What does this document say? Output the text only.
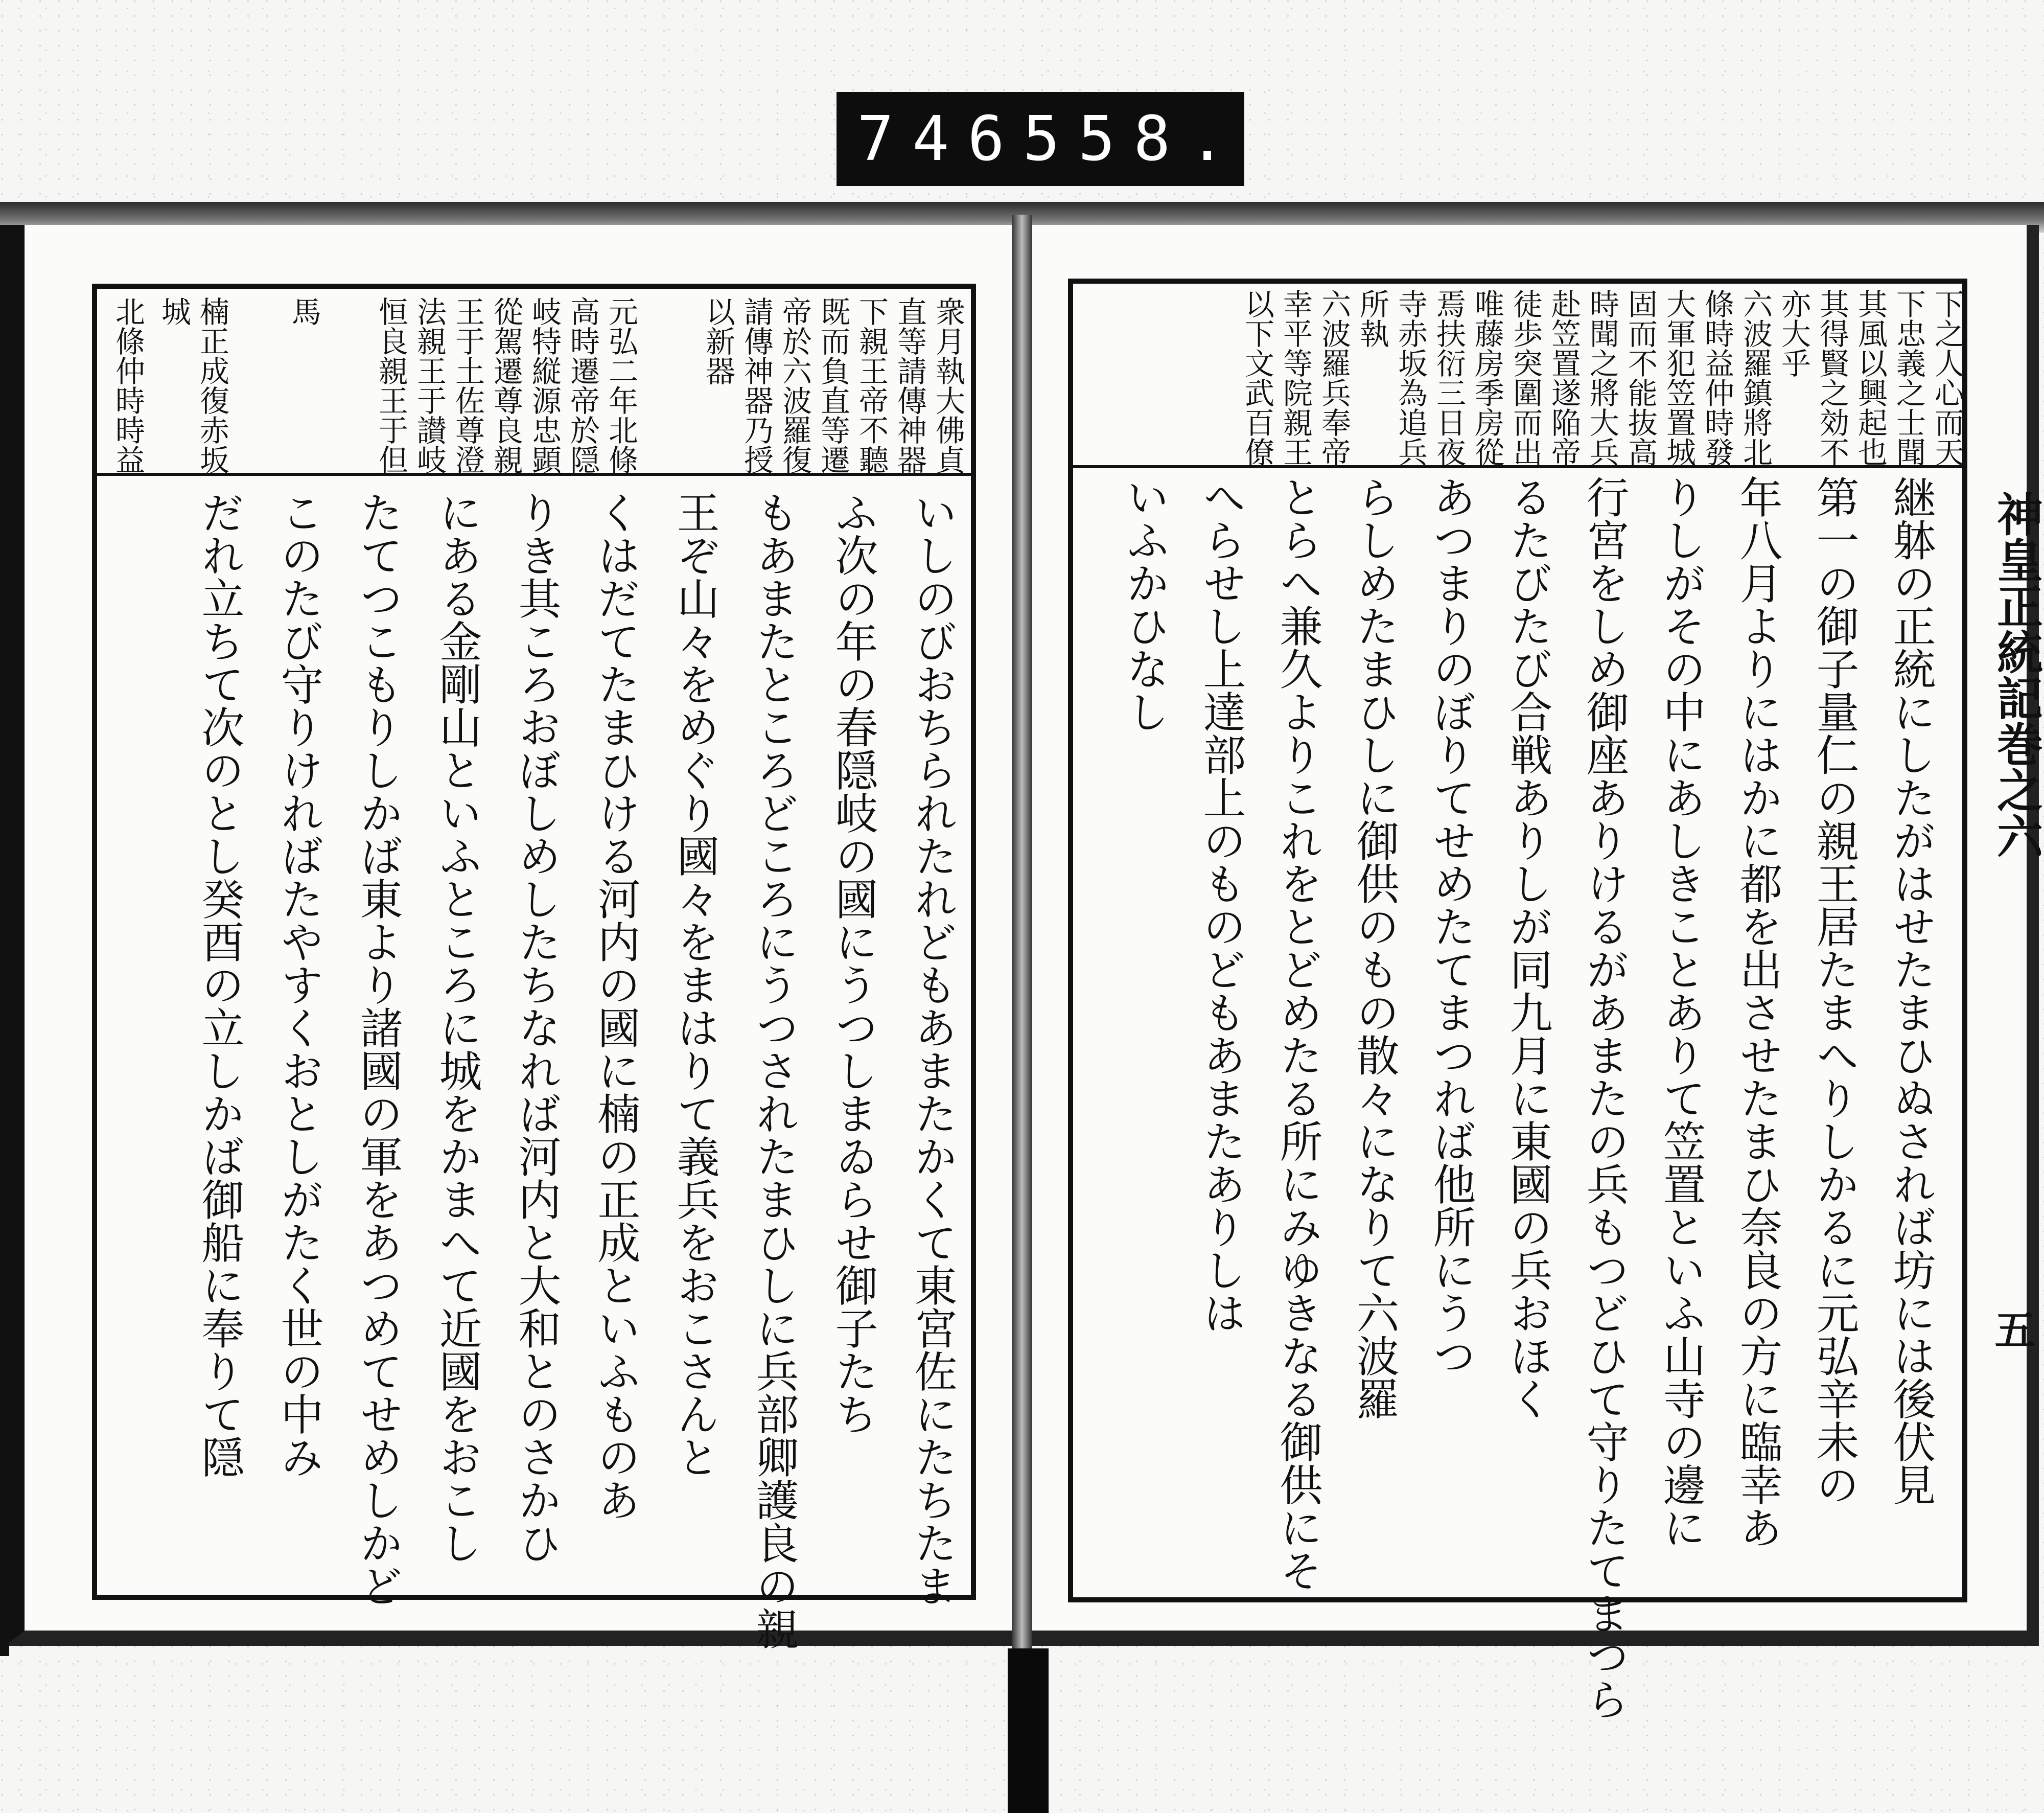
746 558.
神皇正統記巻之六
五
下之人心而天
下忠義之士聞
其風以興起也
其得賢之効不
亦大乎
六波羅鎮將北
條時益仲時發
大軍犯笠置城
固而不能抜高
時聞之將大兵
赴笠置遂陥帝
徒歩突圍而出
唯藤房季房從
焉扶衍三日夜
寺赤坂為追兵
所執
六波羅兵奉帝
幸平等院親王
以下文武百僚
継躰の正統にしたがはせたまひぬされば坊には後伏見
第一の御子量仁の親王居たまへりしかるに元弘辛未の
年八月よりにはかに都を出させたまひ奈良の方に臨幸あ
りしがその中にあしきことありて笠置といふ山寺の邊に
行宮をしめ御座ありけるがあまたの兵もつどひて守りたてまつら
るたびたび合戦ありしが同九月に東國の兵おほく
あつまりのぼりてせめたてまつれば他所にうつ
らしめたまひしに御供のもの散々になりて六波羅
とらへ兼久よりこれをとどめたる所にみゆきなる御供にそ
へらせし上達部上のものどもあまたありしは
いふかひなし
衆月執大佛貞
直等請傳神器
下親王帝不聽
既而負直等遷
帝於六波羅復
請傳神器乃授
以新器
元弘二年北條
高時遷帝於隠
岐特縦源忠顕
從駕遷尊良親
王于土佐尊澄
法親王于讃岐
恒良親王于但
馬
楠正成復赤坂
城
北條仲時時益
いしのびおちられたれどもあまたかくて東宮佐にたちたま
ふ次の年の春隠岐の國にうつしまゐらせ御子たち
もあまたところどころにうつされたまひしに兵部卿護良の親
王ぞ山々をめぐり國々をまはりて義兵をおこさんと
くはだてたまひける河内の國に楠の正成といふものあ
りき其ころおぼしめしたちなれば河内と大和とのさかひ
にある金剛山といふところに城をかまへて近國をおこし
たてつこもりしかば東より諸國の軍をあつめてせめしかど
このたび守りければたやすくおとしがたく世の中み
だれ立ちて次のとし癸酉の立しかば御船に奉りて隠
